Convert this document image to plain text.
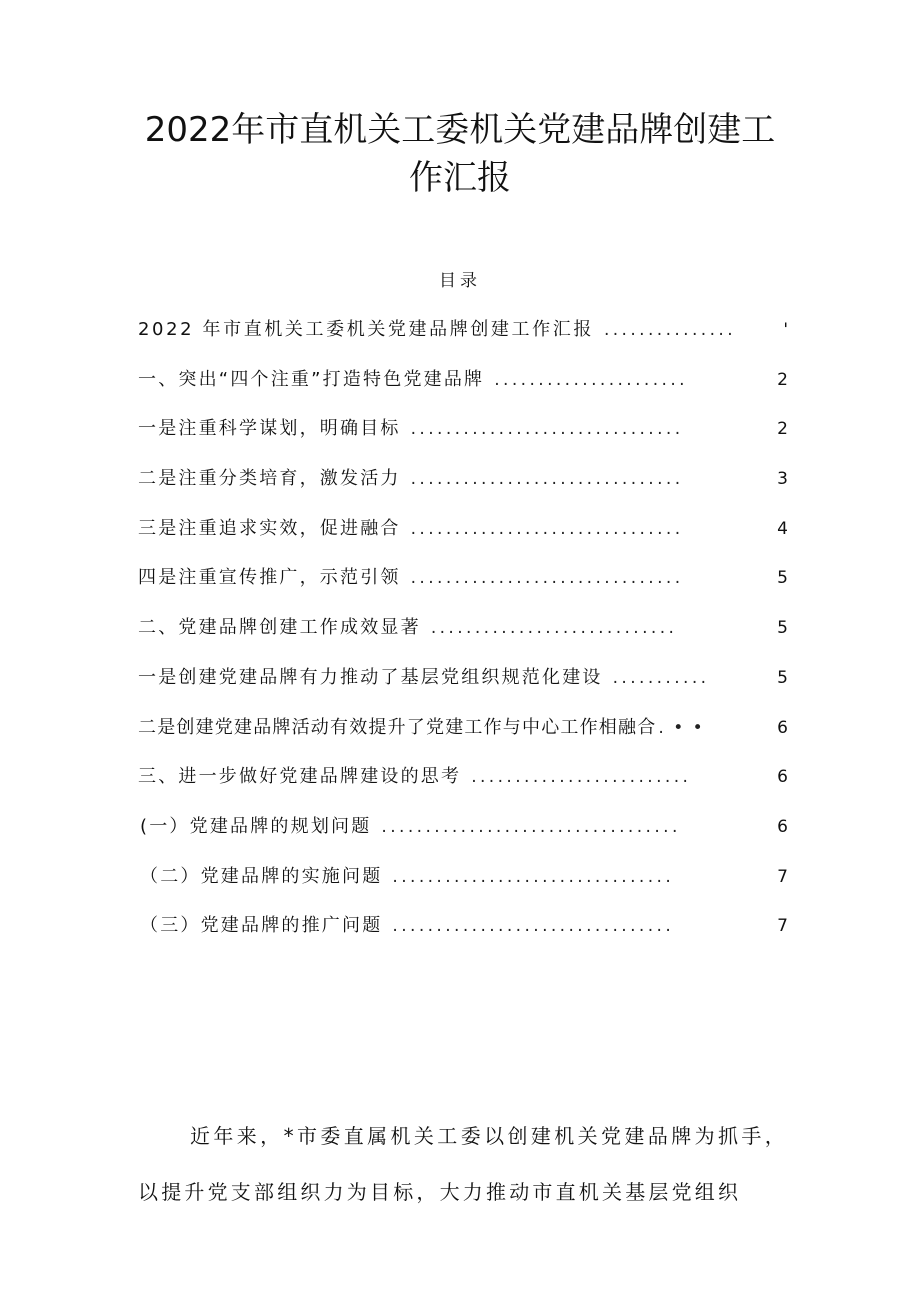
2022年市直机关工委机关党建品牌创建工
作汇报
目录
2022 年市直机关工委机关党建品牌创建工作汇报 ...............	'
一、突出“四个注重”打造特色党建品牌 ......................	2
一是注重科学谋划，明确目标 ...............................	2
二是注重分类培育，激发活力 ...............................	3
三是注重追求实效，促进融合 ...............................	4
四是注重宣传推广，示范引领 ...............................	5
二、党建品牌创建工作成效显著 ............................	5
一是创建党建品牌有力推动了基层党组织规范化建设 ...........	5
二是创建党建品牌活动有效提升了党建工作与中心工作相融合 . • •	6
三、进一步做好党建品牌建设的思考 .........................	6
(一）党建品牌的规划问题 ..................................	6
（二）党建品牌的实施问题 ................................	7
（三）党建品牌的推广问题 ................................	7

近年来，*市委直属机关工委以创建机关党建品牌为抓手，以提升党支部组织力为目标，大力推动市直机关基层党组织
